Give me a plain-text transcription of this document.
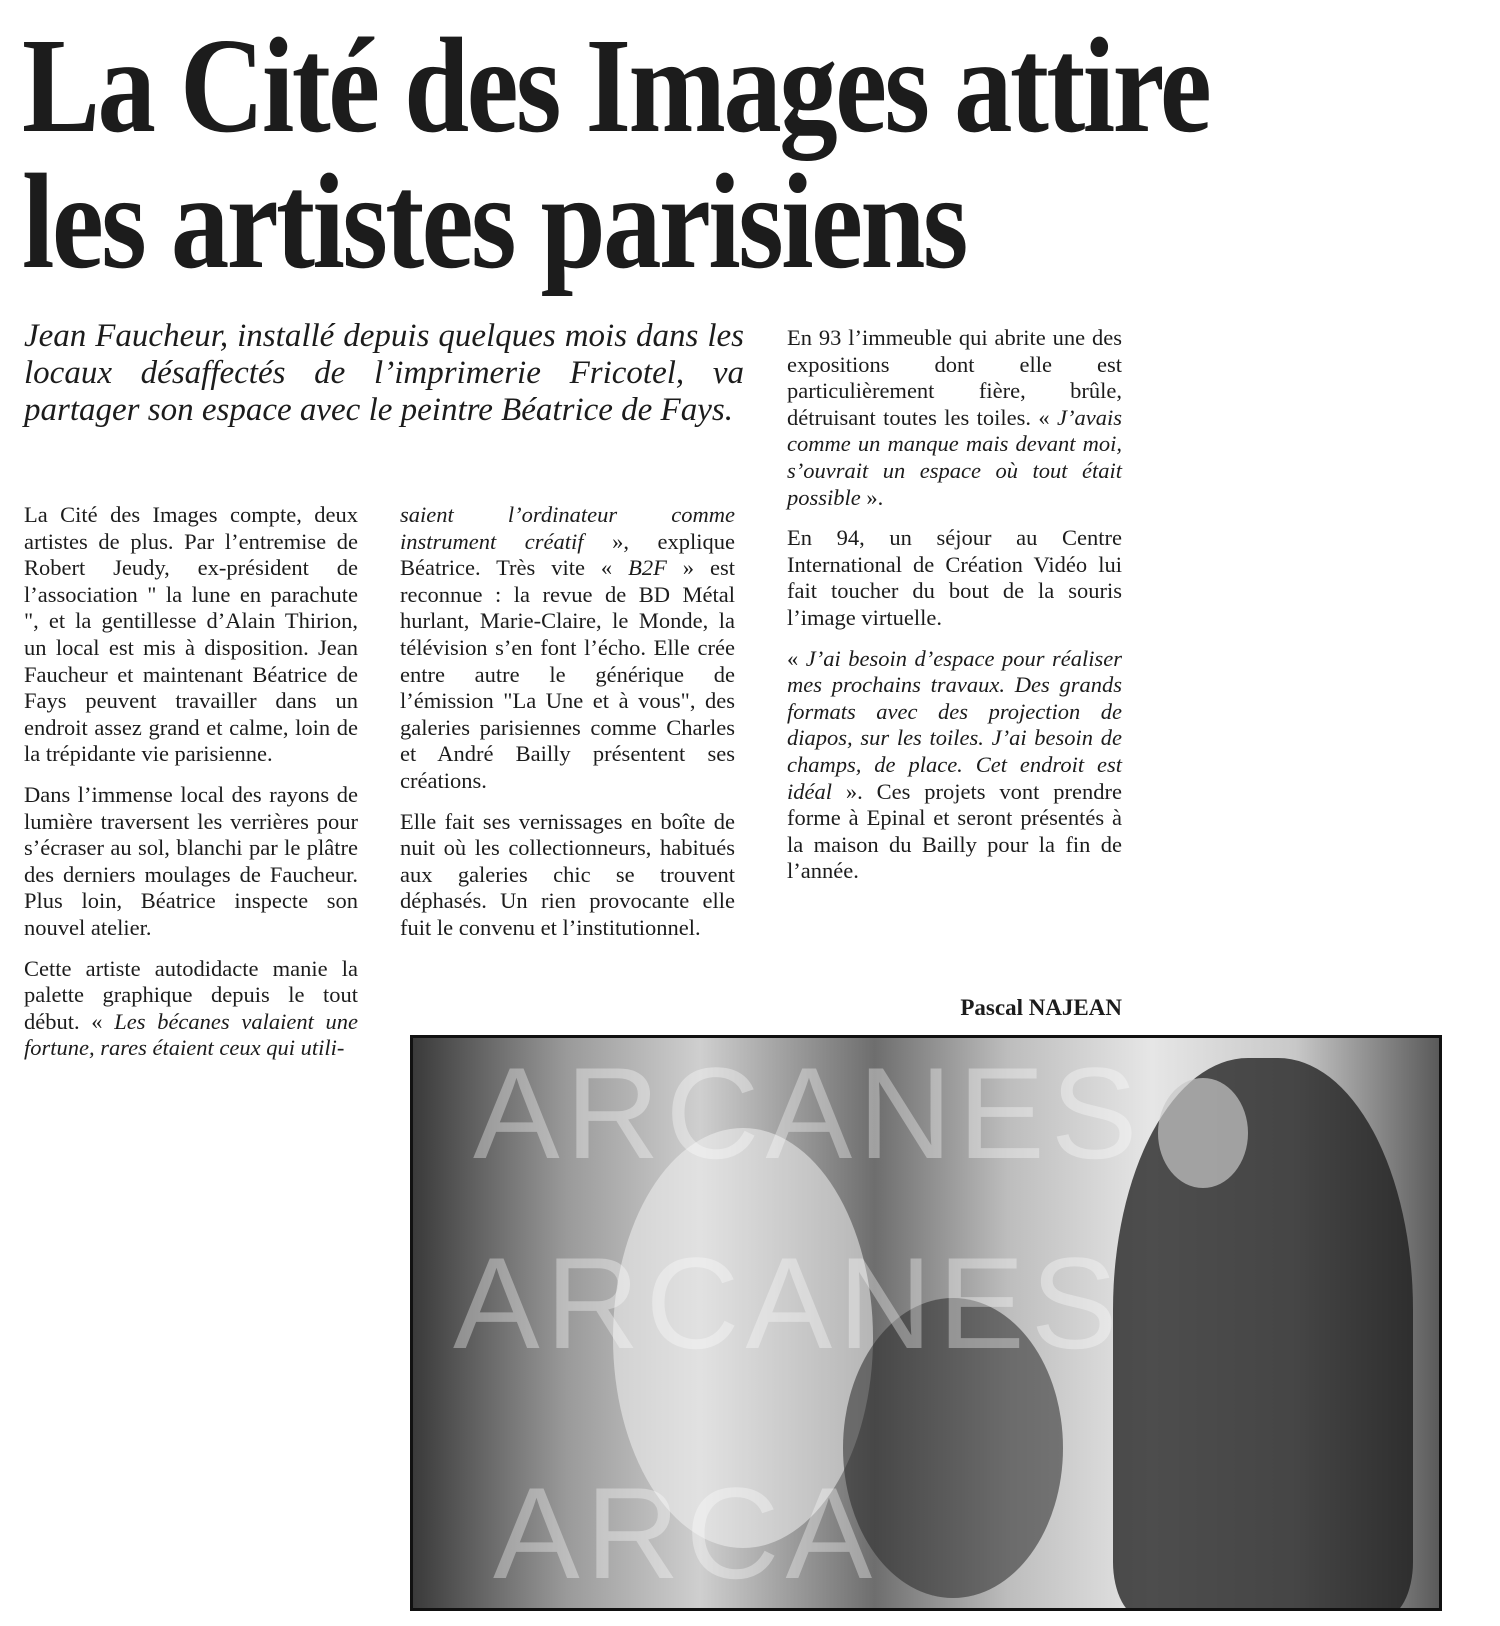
La Cité des Images attire
les artistes parisiens
Jean Faucheur, installé depuis quelques mois dans les locaux désaffectés de l’imprimerie Fricotel, va partager son espace avec le peintre Béatrice de Fays.

La Cité des Images compte, deux artistes de plus. Par l’entremise de Robert Jeudy, ex-président de l’association " la lune en parachute ", et la gentillesse d’Alain Thirion, un local est mis à disposition. Jean Faucheur et maintenant Béatrice de Fays peuvent travailler dans un endroit assez grand et calme, loin de la trépidante vie parisienne.

Dans l’immense local des rayons de lumière traversent les verrières pour s’écraser au sol, blanchi par le plâtre des derniers moulages de Faucheur. Plus loin, Béatrice inspecte son nouvel atelier.

Cette artiste autodidacte manie la palette graphique depuis le tout début. « Les bécanes valaient une fortune, rares étaient ceux qui utili-

saient l’ordinateur comme instrument créatif », explique Béatrice. Très vite « B2F » est reconnue : la revue de BD Métal hurlant, Marie-Claire, le Monde, la télévision s’en font l’écho. Elle crée entre autre le générique de l’émission "La Une et à vous", des galeries parisiennes comme Charles et André Bailly présentent ses créations.

Elle fait ses vernissages en boîte de nuit où les collectionneurs, habitués aux galeries chic se trouvent déphasés. Un rien provocante elle fuit le convenu et l’institutionnel.

En 93 l’immeuble qui abrite une des expositions dont elle est particulièrement fière, brûle, détruisant toutes les toiles. « J’avais comme un manque mais devant moi, s’ouvrait un espace où tout était possible ».

En 94, un séjour au Centre International de Création Vidéo lui fait toucher du bout de la souris l’image virtuelle.

« J’ai besoin d’espace pour réaliser mes prochains travaux. Des grands formats avec des projection de diapos, sur les toiles. J’ai besoin de champs, de place. Cet endroit est idéal ». Ces projets vont prendre forme à Epinal et seront présentés à la maison du Bailly pour la fin de l’année.

Pascal NAJEAN
ARCANES
ARCANES
ARCA
